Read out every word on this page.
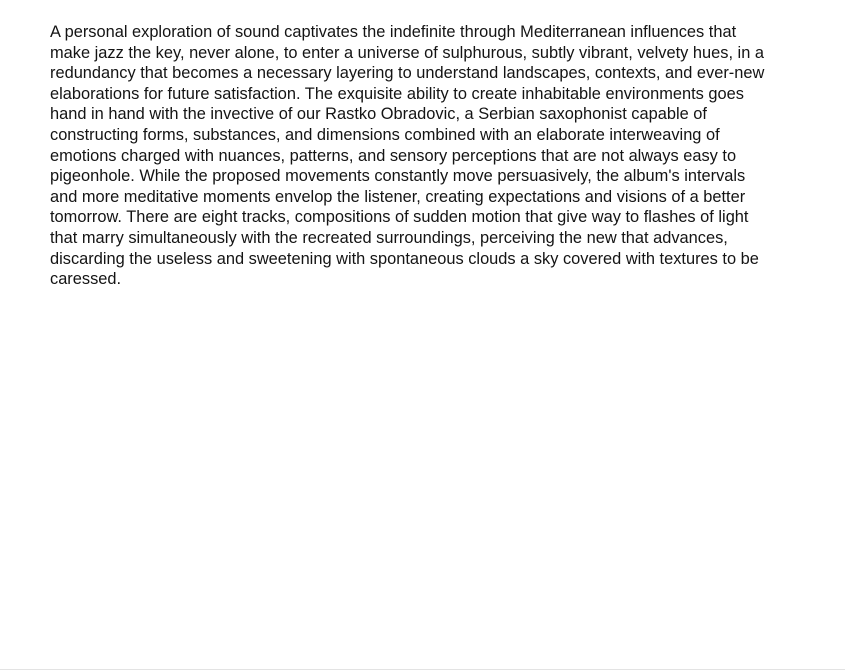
A personal exploration of sound captivates the indefinite through Mediterranean influences that make jazz the key, never alone, to enter a universe of sulphurous, subtly vibrant, velvety hues, in a redundancy that becomes a necessary layering to understand landscapes, contexts, and ever-new elaborations for future satisfaction. The exquisite ability to create inhabitable environments goes hand in hand with the invective of our Rastko Obradovic, a Serbian saxophonist capable of constructing forms, substances, and dimensions combined with an elaborate interweaving of emotions charged with nuances, patterns, and sensory perceptions that are not always easy to pigeonhole. While the proposed movements constantly move persuasively, the album's intervals and more meditative moments envelop the listener, creating expectations and visions of a better tomorrow. There are eight tracks, compositions of sudden motion that give way to flashes of light that marry simultaneously with the recreated surroundings, perceiving the new that advances, discarding the useless and sweetening with spontaneous clouds a sky covered with textures to be caressed.
